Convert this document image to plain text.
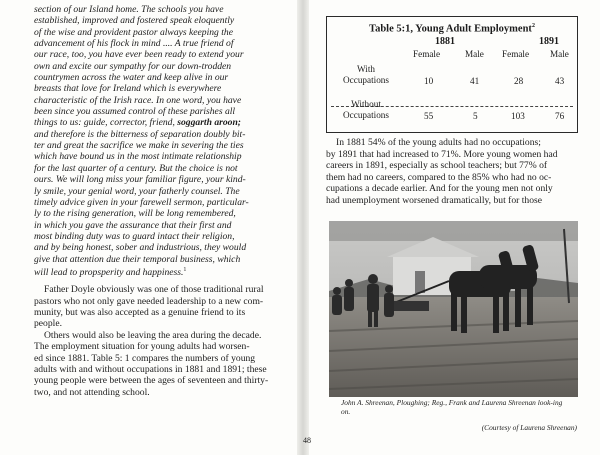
section of our Island home. The schools you have
established, improved and fostered speak eloquently
of the wise and provident pastor always keeping the
advancement of his flock in mind .... A true friend of
our race, too, you have ever been ready to extend your
own and excite our sympathy for our down-trodden
countrymen across the water and keep alive in our
breasts that love for Ireland which is everywhere
characteristic of the Irish race. In one word, you have
been since you assumed control of these parishes all
things to us: guide, corrector, friend, soggarth aroon;
and therefore is the bitterness of separation doubly bit-
ter and great the sacrifice we make in severing the ties
which have bound us in the most intimate relationship
for the last quarter of a century. But the choice is not
ours. We will long miss your familiar figure, your kind-
ly smile, your genial word, your fatherly counsel. The
timely advice given in your farewell sermon, particular-
ly to the rising generation, will be long remembered,
in which you gave the assurance that their first and
most binding duty was to guard intact their religion,
and by being honest, sober and industrious, they would
give that attention due their temporal business, which
will lead to propsperity and happiness.$^1$

Father Doyle obviously was one of those traditional rural
pastors who not only gave needed leadership to a new com-
munity, but was also accepted as a genuine friend to its
people.

Others would also be leaving the area during the decade.
The employment situation for young adults had worsen-
ed since 1881. Table 5: 1 compares the numbers of young
adults with and without occupations in 1881 and 1891; these
young people were between the ages of seventeen and thirty-
two, and not attending school.

Table 5:1, Young Adult Employment$^2$
1881	1891
Female	Male Female Male
With
Occupations	10	41	28	43
Without
Occupations	55	5	103	76

In 1881 54% of the young adults had no occupations;
by 1891 that had increased to 71%. More young women had
careers in 1891, especially as school teachers; but 77% of
them had no careers, compared to the 85% who had no oc-
cupations a decade earlier. And for the young men not only
had unemployment worsened dramatically, but for those

John A. Shreenan, Ploughing; Reg., Frank and Laurena Shreenan look-ing on.
(Courtesy of Laurena Shreenan)
48
